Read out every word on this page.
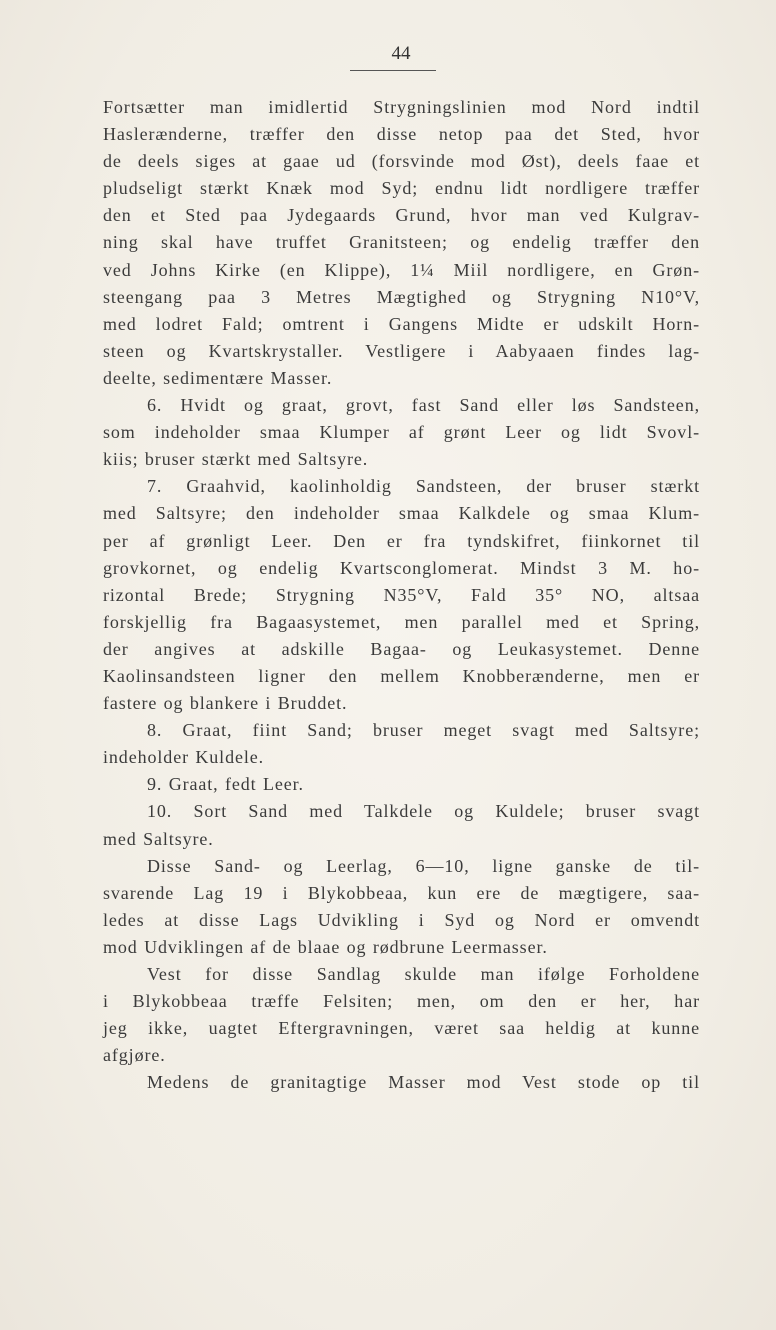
44
Fortsætter man imidlertid Strygningslinien mod Nord indtil
Haslerænderne, træffer den disse netop paa det Sted, hvor
de deels siges at gaae ud (forsvinde mod Øst), deels faae et
pludseligt stærkt Knæk mod Syd; endnu lidt nordligere træffer
den et Sted paa Jydegaards Grund, hvor man ved Kulgrav-
ning skal have truffet Granitsteen; og endelig træffer den
ved Johns Kirke (en Klippe), 1¼ Miil nordligere, en Grøn-
steengang paa 3 Metres Mægtighed og Strygning N10°V,
med lodret Fald; omtrent i Gangens Midte er udskilt Horn-
steen og Kvartskrystaller. Vestligere i Aabyaaen findes lag-
deelte, sedimentære Masser.
6. Hvidt og graat, grovt, fast Sand eller løs Sandsteen,
som indeholder smaa Klumper af grønt Leer og lidt Svovl-
kiis; bruser stærkt med Saltsyre.
7. Graahvid, kaolinholdig Sandsteen, der bruser stærkt
med Saltsyre; den indeholder smaa Kalkdele og smaa Klum-
per af grønligt Leer. Den er fra tyndskifret, fiinkornet til
grovkornet, og endelig Kvartsconglomerat. Mindst 3 M. ho-
rizontal Brede; Strygning N35°V, Fald 35° NO, altsaa
forskjellig fra Bagaasystemet, men parallel med et Spring,
der angives at adskille Bagaa- og Leukasystemet. Denne
Kaolinsandsteen ligner den mellem Knobberænderne, men er
fastere og blankere i Bruddet.
8. Graat, fiint Sand; bruser meget svagt med Saltsyre;
indeholder Kuldele.
9. Graat, fedt Leer.
10. Sort Sand med Talkdele og Kuldele; bruser svagt
med Saltsyre.
Disse Sand- og Leerlag, 6—10, ligne ganske de til-
svarende Lag 19 i Blykobbeaa, kun ere de mægtigere, saa-
ledes at disse Lags Udvikling i Syd og Nord er omvendt
mod Udviklingen af de blaae og rødbrune Leermasser.
Vest for disse Sandlag skulde man ifølge Forholdene
i Blykobbeaa træffe Felsiten; men, om den er her, har
jeg ikke, uagtet Eftergravningen, været saa heldig at kunne
afgjøre.
Medens de granitagtige Masser mod Vest stode op til
